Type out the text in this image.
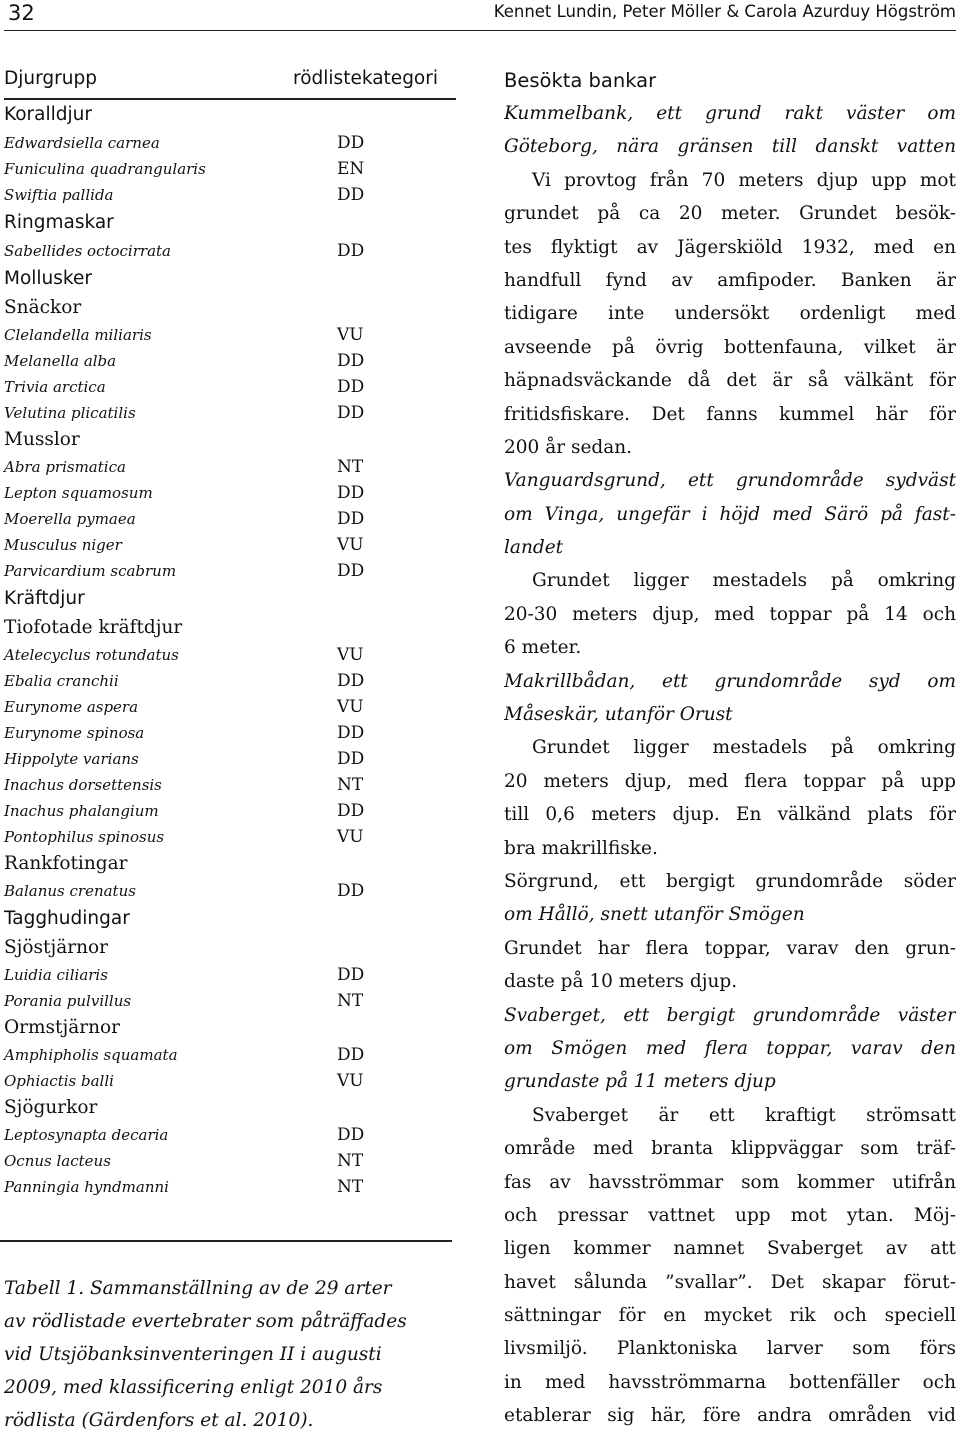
32	Kennet Lundin, Peter Möller & Carola Azurduy Högström
Djurgrupp	rödlistekategori
Koralldjur
Edwardsiella carnea	DD
Funiculina quadrangularis	EN
Swiftia pallida	DD
Ringmaskar
Sabellides octocirrata	DD
Mollusker
Snäckor
Clelandella miliaris	VU
Melanella alba	DD
Trivia arctica	DD
Velutina plicatilis	DD
Musslor
Abra prismatica	NT
Lepton squamosum	DD
Moerella pymaea	DD
Musculus niger	VU
Parvicardium scabrum	DD
Kräftdjur
Tiofotade kräftdjur
Atelecyclus rotundatus	VU
Ebalia cranchii	DD
Eurynome aspera	VU
Eurynome spinosa	DD
Hippolyte varians	DD
Inachus dorsettensis	NT
Inachus phalangium	DD
Pontophilus spinosus	VU
Rankfotingar
Balanus crenatus	DD
Tagghudingar
Sjöstjärnor
Luidia ciliaris	DD
Porania pulvillus	NT
Ormstjärnor
Amphipholis squamata	DD
Ophiactis balli	VU
Sjögurkor
Leptosynapta decaria	DD
Ocnus lacteus	NT
Panningia hyndmanni	NT
Tabell 1. Sammanställning av de 29 arter
av rödlistade evertebrater som påträffades
vid Utsjöbanksinventeringen II i augusti
2009, med klassificering enligt 2010 års
rödlista (Gärdenfors et al. 2010).
Besökta bankar
Kummelbank, ett grund rakt väster om
Göteborg, nära gränsen till danskt vatten
Vi provtog från 70 meters djup upp mot
grundet på ca 20 meter. Grundet besök-
tes flyktigt av Jägerskiöld 1932, med en
handfull fynd av amfipoder. Banken är
tidigare inte undersökt ordenligt med
avseende på övrig bottenfauna, vilket är
häpnadsväckande då det är så välkänt för
fritidsfiskare. Det fanns kummel här för
200 år sedan.
Vanguardsgrund, ett grundområde sydväst
om Vinga, ungefär i höjd med Särö på fast-
landet
Grundet ligger mestadels på omkring
20-30 meters djup, med toppar på 14 och
6 meter.
Makrillbådan, ett grundområde syd om
Måseskär, utanför Orust
Grundet ligger mestadels på omkring
20 meters djup, med flera toppar på upp
till 0,6 meters djup. En välkänd plats för
bra makrillfiske.
Sörgrund, ett bergigt grundområde söder
om Hållö, snett utanför Smögen
Grundet har flera toppar, varav den grun-
daste på 10 meters djup.
Svaberget, ett bergigt grundområde väster
om Smögen med flera toppar, varav den
grundaste på 11 meters djup
Svaberget är ett kraftigt strömsatt
område med branta klippväggar som träf-
fas av havsströmmar som kommer utifrån
och pressar vattnet upp mot ytan. Möj-
ligen kommer namnet Svaberget av att
havet sålunda ”svallar”. Det skapar förut-
sättningar för en mycket rik och speciell
livsmiljö. Planktoniska larver som förs
in med havsströmmarna bottenfäller och
etablerar sig här, före andra områden vid
